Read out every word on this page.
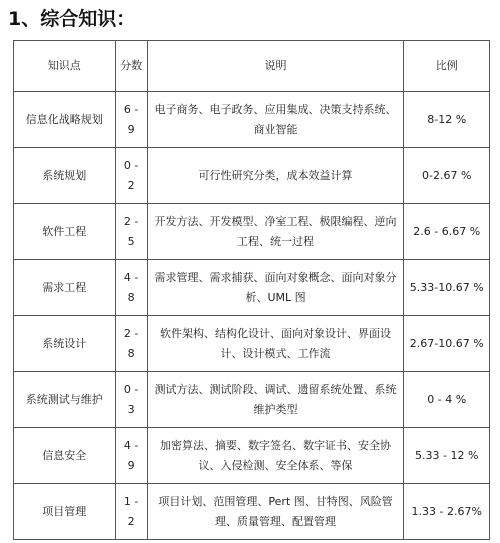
1、综合知识：
知识点	分数	说明	比例
信息化战略规划	6 - 9	电子商务、电子政务、应用集成、决策支持系统、商业智能	8-12 %
系统规划	0 - 2	可行性研究分类，成本效益计算	0-2.67 %
软件工程	2 - 5	开发方法、开发模型、净室工程、极限编程、逆向工程、统一过程	2.6 - 6.67 %
需求工程	4 - 8	需求管理、需求捕获、面向对象概念、面向对象分析、UML 图	5.33-10.67 %
系统设计	2 - 8	软件架构、结构化设计、面向对象设计、界面设计、设计模式、工作流	2.67-10.67 %
系统测试与维护	0 - 3	测试方法、测试阶段、调试、遗留系统处置、系统维护类型	0 - 4 %
信息安全	4 - 9	加密算法、摘要、数字签名、数字证书、安全协议、入侵检测、安全体系、等保	5.33 - 12 %
项目管理	1 - 2	项目计划、范围管理、Pert 图、甘特图、风险管理、质量管理、配置管理	1.33 - 2.67%
